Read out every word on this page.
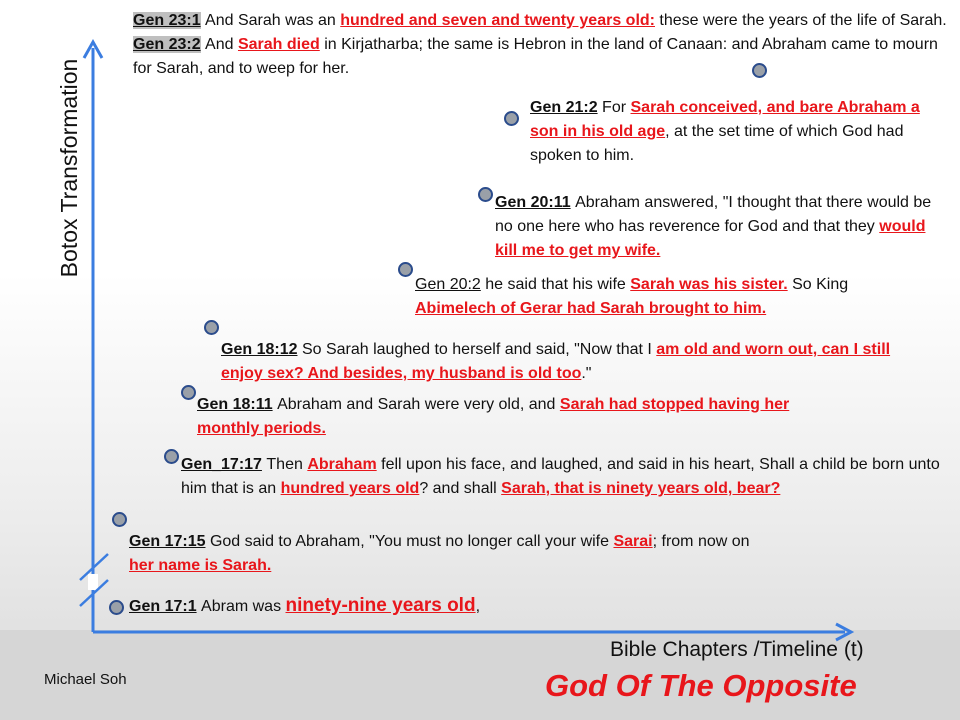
Botox Transformation
Bible Chapters /Timeline (t)
Gen 17:1 Abram was ninety-nine years old,
Gen 17:15 God said to Abraham, "You must no longer call your wife Sarai; from now on
her name is Sarah.
Gen_17:17 Then Abraham fell upon his face, and laughed, and said in his heart, Shall a child be born unto him that is an hundred years old? and shall Sarah, that is ninety years old, bear?
Gen 18:11 Abraham and Sarah were very old, and Sarah had stopped having her monthly periods.
Gen 18:12 So Sarah laughed to herself and said, "Now that I am old and worn out, can I still enjoy sex? And besides, my husband is old too."
Gen 20:2 he said that his wife Sarah was his sister. So King Abimelech of Gerar had Sarah brought to him.
Gen 20:11 Abraham answered, "I thought that there would be no one here who has reverence for God and that they would kill me to get my wife.
Gen 21:2 For Sarah conceived, and bare Abraham a son in his old age, at the set time of which God had spoken to him.
Gen 23:1 And Sarah was an hundred and seven and twenty years old: these were the years of the life of Sarah. Gen 23:2 And Sarah died in Kirjatharba; the same is Hebron in the land of Canaan: and Abraham came to mourn for Sarah, and to weep for her.
Michael Soh	God Of The Opposite
